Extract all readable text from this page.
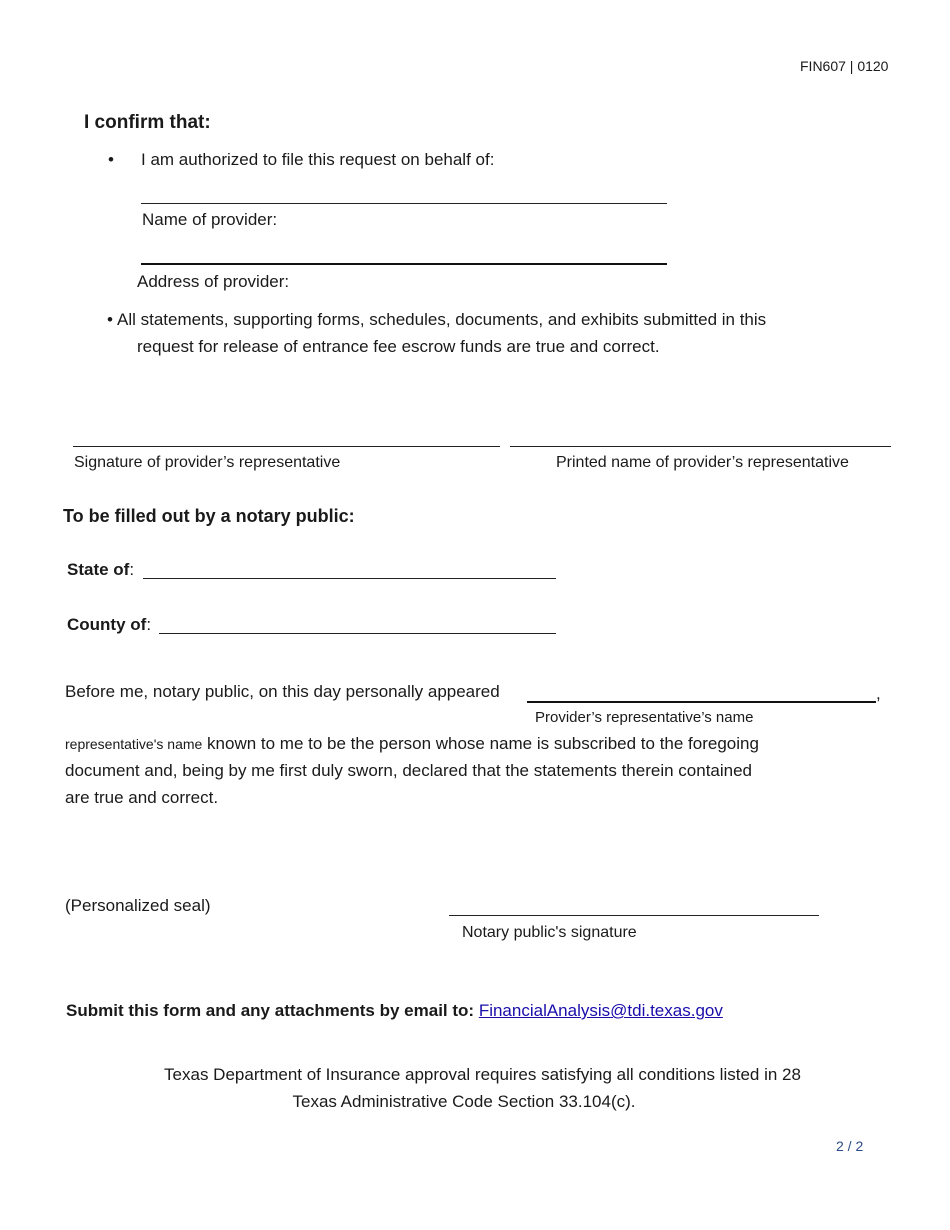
FIN607 | 0120
I confirm that:
• I am authorized to file this request on behalf of:
Name of provider:
Address of provider:
• All statements, supporting forms, schedules, documents, and exhibits submitted in this
request for release of entrance fee escrow funds are true and correct.
Signature of provider’s representative	Printed name of provider’s representative
To be filled out by a notary public:
State of:
County of:
Before me, notary public, on this day personally appeared	,
Provider’s representative’s name
representative's name known to me to be the person whose name is subscribed to the foregoing
document and, being by me first duly sworn, declared that the statements therein contained
are true and correct.
(Personalized seal)
Notary public's signature
Submit this form and any attachments by email to: FinancialAnalysis@tdi.texas.gov
Texas Department of Insurance approval requires satisfying all conditions listed in 28
Texas Administrative Code Section 33.104(c).
2 / 2
